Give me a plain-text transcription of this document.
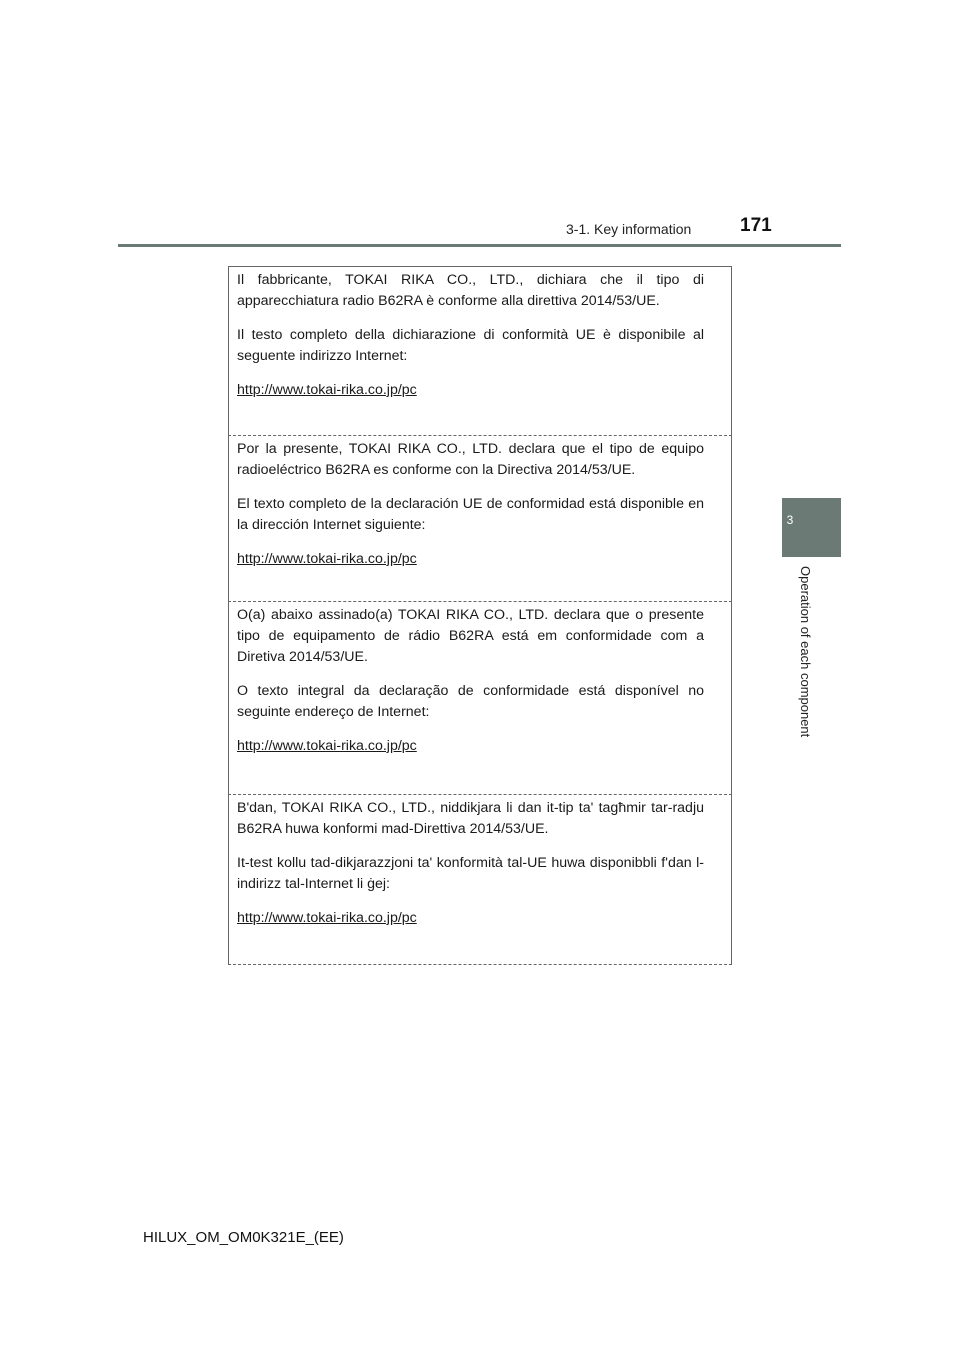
3-1. Key information	171
3
Operation of each component

Il fabbricante, TOKAI RIKA CO., LTD., dichiara che il tipo di apparecchiatura radio B62RA è conforme alla direttiva 2014/53/UE.

Il testo completo della dichiarazione di conformità UE è disponibile al seguente indirizzo Internet:

http://www.tokai-rika.co.jp/pc

Por la presente, TOKAI RIKA CO., LTD. declara que el tipo de equipo radioeléctrico B62RA es conforme con la Directiva 2014/53/UE.

El texto completo de la declaración UE de conformidad está disponible en la dirección Internet siguiente:

http://www.tokai-rika.co.jp/pc

O(a) abaixo assinado(a) TOKAI RIKA CO., LTD. declara que o presente tipo de equipamento de rádio B62RA está em conformidade com a Diretiva 2014/53/UE.

O texto integral da declaração de conformidade está disponível no seguinte endereço de Internet:

http://www.tokai-rika.co.jp/pc

B'dan, TOKAI RIKA CO., LTD., niddikjara li dan it-tip ta' tagħmir tar-radju B62RA huwa konformi mad-Direttiva 2014/53/UE.

It-test kollu tad-dikjarazzjoni ta' konformità tal-UE huwa disponibbli f'dan l-indirizz tal-Internet li ġej:

http://www.tokai-rika.co.jp/pc

HILUX_OM_OM0K321E_(EE)
